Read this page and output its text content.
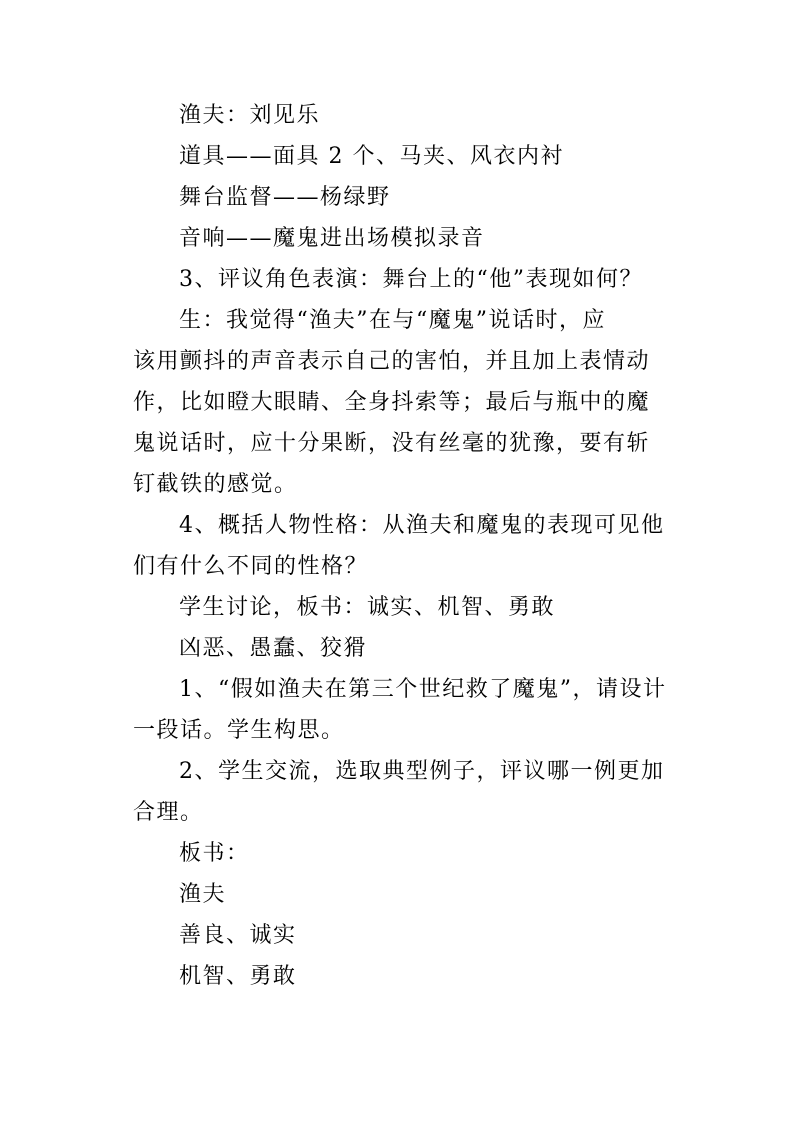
渔夫：刘见乐
道具——面具 2 个、马夹、风衣内衬
舞台监督——杨绿野
音响——魔鬼进出场模拟录音
3、评议角色表演：舞台上的“他”表现如何？
生：我觉得“渔夫”在与“魔鬼”说话时，应
该用颤抖的声音表示自己的害怕，并且加上表情动
作，比如瞪大眼睛、全身抖索等；最后与瓶中的魔
鬼说话时，应十分果断，没有丝毫的犹豫，要有斩
钉截铁的感觉。
4、概括人物性格：从渔夫和魔鬼的表现可见他
们有什么不同的性格？
学生讨论，板书：诚实、机智、勇敢
凶恶、愚蠢、狡猾
1、“假如渔夫在第三个世纪救了魔鬼”，请设计
一段话。学生构思。
2、学生交流，选取典型例子，评议哪一例更加
合理。
板书：
渔夫
善良、诚实
机智、勇敢
